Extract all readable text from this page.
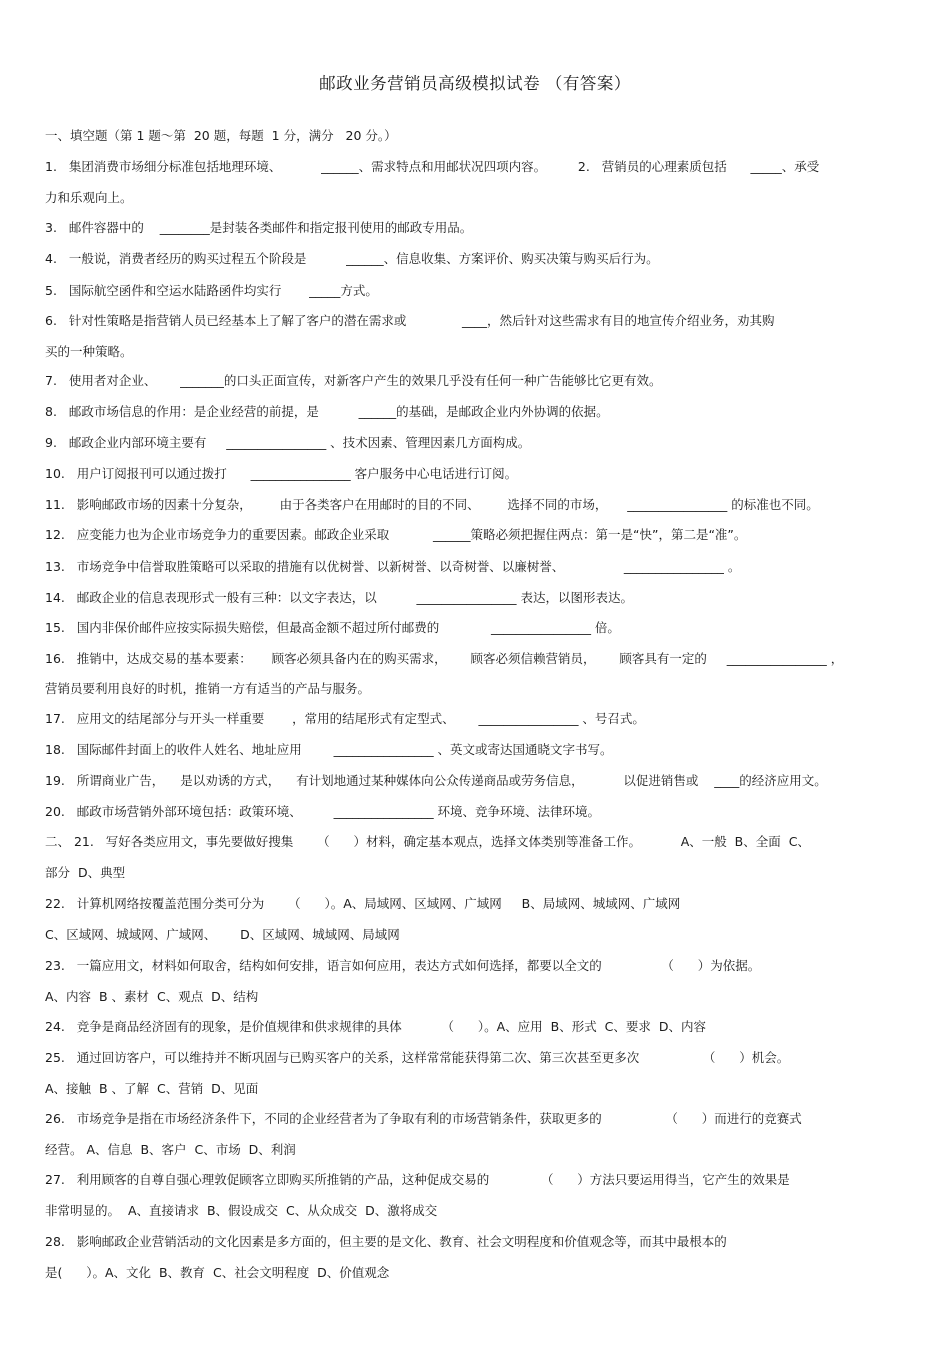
邮政业务营销员高级模拟试卷 （有答案）
一、填空题（第 1 题～第  20 题，每题  1 分，满分   20 分。）
1.   集团消费市场细分标准包括地理环境、          ______、需求特点和用邮状况四项内容。        2.   营销员的心理素质包括      _____、承受
力和乐观向上。
3.   邮件容器中的    ________是封装各类邮件和指定报刊使用的邮政专用品。
4.   一般说，消费者经历的购买过程五个阶段是          ______、信息收集、方案评价、购买决策与购买后行为。
5.   国际航空函件和空运水陆路函件均实行       _____方式。
6.   针对性策略是指营销人员已经基本上了解了客户的潜在需求或              ____，然后针对这些需求有目的地宣传介绍业务，劝其购
买的一种策略。
7.   使用者对企业、      _______的口头正面宣传，对新客户产生的效果几乎没有任何一种广告能够比它更有效。
8.   邮政市场信息的作用：是企业经营的前提，是          ______的基础，是邮政企业内外协调的依据。
9.   邮政企业内部环境主要有     ________________ 、技术因素、管理因素几方面构成。
10.   用户订阅报刊可以通过拨打      ________________ 客户服务中心电话进行订阅。
11.   影响邮政市场的因素十分复杂，       由于各类客户在用邮时的目的不同、       选择不同的市场，     ________________ 的标准也不同。
12.   应变能力也为企业市场竞争力的重要因素。邮政企业采取           ______策略必须把握住两点：第一是“快”，第二是“准”。
13.   市场竞争中信誉取胜策略可以采取的措施有以优树誉、以新树誉、以奇树誉、以廉树誉、               ________________ 。
14.   邮政企业的信息表现形式一般有三种：以文字表达，以          ________________ 表达，以图形表达。
15.   国内非保价邮件应按实际损失赔偿，但最高金额不超过所付邮费的             ________________ 倍。
16.   推销中，达成交易的基本要素：     顾客必须具备内在的购买需求，      顾客必须信赖营销员，      顾客具有一定的     ________________ ，
营销员要利用良好的时机，推销一方有适当的产品与服务。
17.   应用文的结尾部分与开头一样重要       ，常用的结尾形式有定型式、      ________________ 、号召式。
18.   国际邮件封面上的收件人姓名、地址应用        ________________ 、英文或寄达国通晓文字书写。
19.   所谓商业广告，    是以劝诱的方式，    有计划地通过某种媒体向公众传递商品或劳务信息，          以促进销售或    ____的经济应用文。
20.   邮政市场营销外部环境包括：政策环境、        ________________ 环境、竞争环境、法律环境。
二、 21.   写好各类应用文，事先要做好搜集      （      ）材料，确定基本观点，选择文体类别等准备工作。          A、一般  B、全面  C、
部分  D、典型
22.   计算机网络按覆盖范围分类可分为      （      ）。A、局域网、区域网、广域网     B、局域网、城域网、广域网
C、区域网、城域网、广域网、      D、区域网、城域网、局域网
23.   一篇应用文，材料如何取舍，结构如何安排，语言如何应用，表达方式如何选择，都要以全文的               （      ）为依据。
A、内容  B 、素材  C、观点  D、结构
24.   竞争是商品经济固有的现象，是价值规律和供求规律的具体          （      ）。A、应用  B、形式  C、要求  D、内容
25.   通过回访客户，可以维持并不断巩固与已购买客户的关系，这样常常能获得第二次、第三次甚至更多次                （      ）机会。
A、接触  B 、了解  C、营销  D、见面
26.   市场竞争是指在市场经济条件下，不同的企业经营者为了争取有利的市场营销条件，获取更多的                （      ）而进行的竞赛式
经营。 A、信息  B、客户  C、市场  D、利润
27.   利用顾客的自尊自强心理敦促顾客立即购买所推销的产品，这种促成交易的             （      ）方法只要运用得当，它产生的效果是
非常明显的。  A、直接请求  B、假设成交  C、从众成交  D、激将成交
28.   影响邮政企业营销活动的文化因素是多方面的，但主要的是文化、教育、社会文明程度和价值观念等，而其中最根本的
是(      ）。A、文化  B、教育  C、社会文明程度  D、价值观念
